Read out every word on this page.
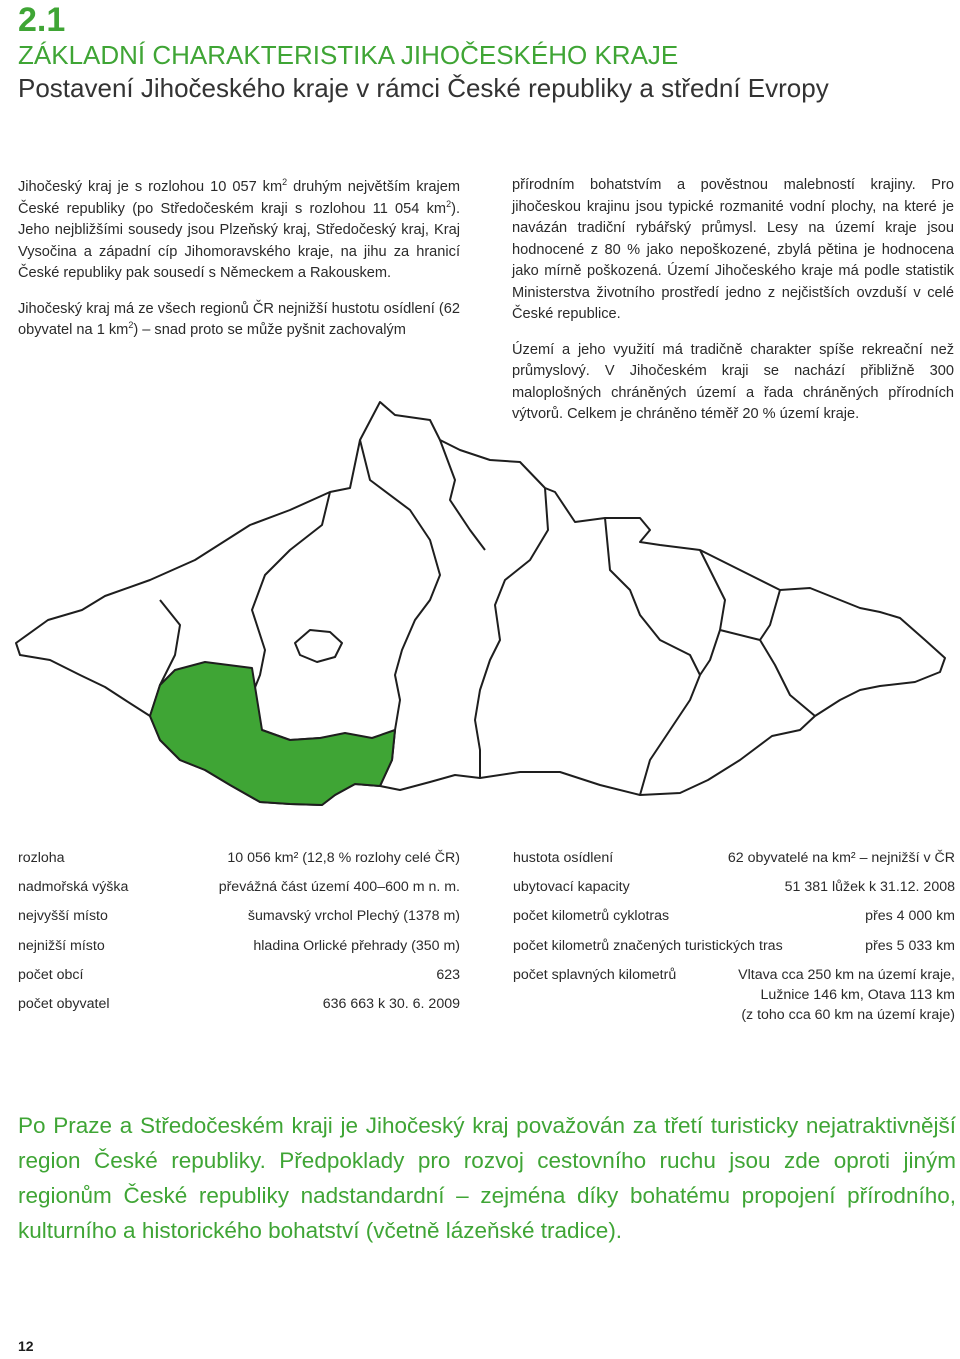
2.1
ZÁKLADNÍ CHARAKTERISTIKA JIHOČESKÉHO KRAJE
Postavení Jihočeského kraje v rámci České republiky a střední Evropy

Jihočeský kraj je s rozlohou 10 057 $km^2$ druhým největším krajem České republiky (po Středočeském kraji s rozlohou 11 054 $km^2$). Jeho nejbližšími sousedy jsou Plzeňský kraj, Středočeský kraj, Kraj Vysočina a západní cíp Jihomoravského kraje, na jihu za hranicí České republiky pak sousedí s Německem a Rakouskem.

Jihočeský kraj má ze všech regionů ČR nejnižší hustotu osídlení (62 obyvatel na 1 $km^2$) – snad proto se může pyšnit zachovalým

přírodním bohatstvím a pověstnou malebností krajiny. Pro jihočeskou krajinu jsou typické rozmanité vodní plochy, na které je navázán tradiční rybářský průmysl. Lesy na území kraje jsou hodnocené z 80 % jako nepoškozené, zbylá pětina je hodnocena jako mírně poškozená. Území Jihočeského kraje má podle statistik Ministerstva životního prostředí jedno z nejčistších ovzduší v celé České republice.

Území a jeho využití má tradičně charakter spíše rekreační než průmyslový. V Jihočeském kraji se nachází přibližně 300 maloplošných chráněných území a řada chráněných přírodních výtvorů. Celkem je chráněno téměř 20 % území kraje.

rozloha	10 056 km² (12,8 % rozlohy celé ČR)
nadmořská výška	převážná část území 400–600 m n. m.
nejvyšší místo	šumavský vrchol Plechý (1378 m)
nejnižší místo	hladina Orlické přehrady (350 m)
počet obcí	623
počet obyvatel	636 663 k 30. 6. 2009
hustota osídlení	62 obyvatelé na km² – nejnižší v ČR
ubytovací kapacity	51 381 lůžek k 31.12. 2008
počet kilometrů cyklotras	přes 4 000 km
počet kilometrů značených turistických tras	přes 5 033 km
počet splavných kilometrů	Vltava cca 250 km na území kraje,
Lužnice 146 km, Otava 113 km
(z toho cca 60 km na území kraje)
Po Praze a Středočeském kraji je Jihočeský kraj považován za třetí turisticky nejatraktivnější region České republiky. Předpoklady pro rozvoj cestovního ruchu jsou zde oproti jiným regionům České republiky nadstandardní – zejména díky bohatému propojení přírodního, kulturního a historického bohatství (včetně lázeňské tradice).
12
